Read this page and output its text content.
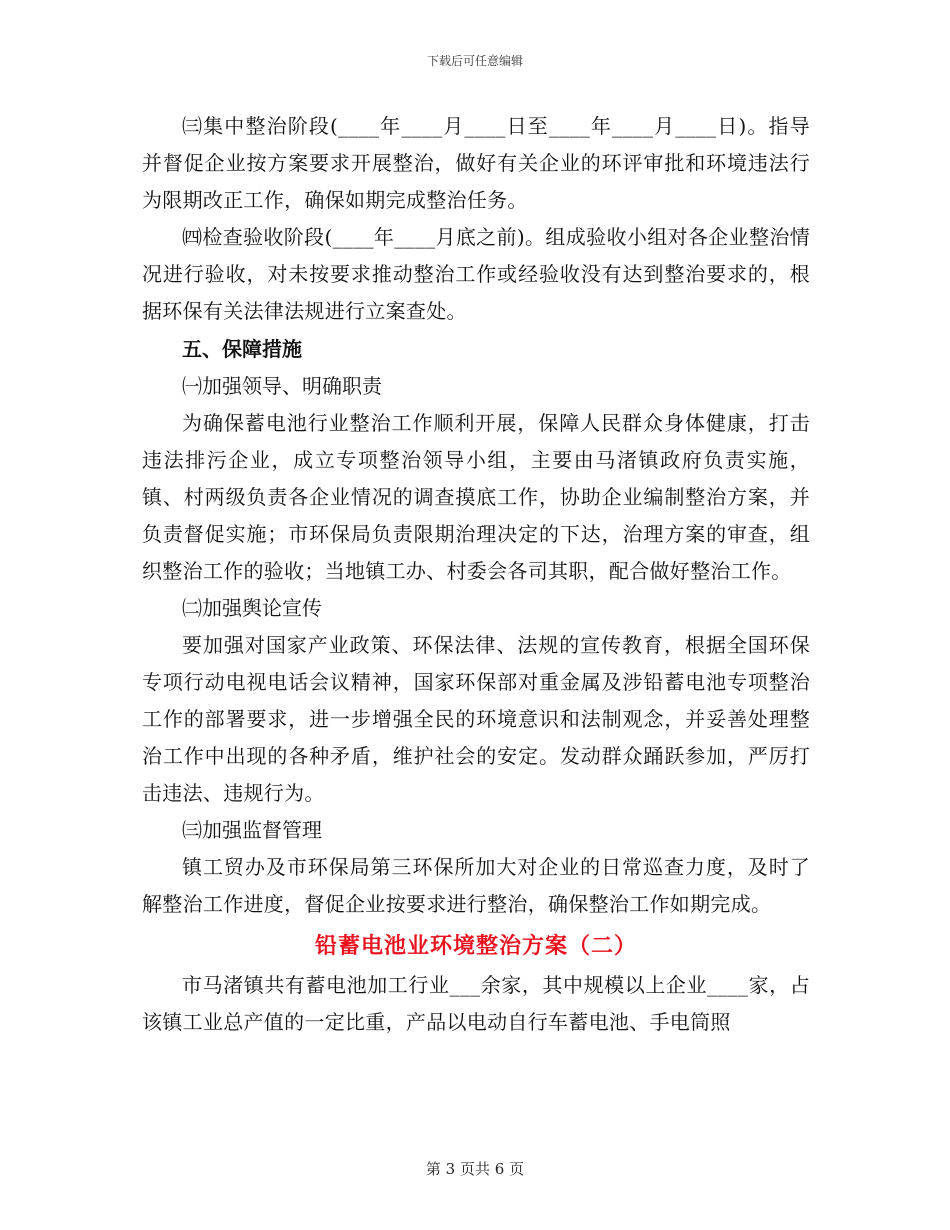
下载后可任意编辑

㈢集中整治阶段(____年____月____日至____年____月____日)。指导并督促企业按方案要求开展整治，做好有关企业的环评审批和环境违法行为限期改正工作，确保如期完成整治任务。

㈣检查验收阶段(____年____月底之前)。组成验收小组对各企业整治情况进行验收，对未按要求推动整治工作或经验收没有达到整治要求的，根据环保有关法律法规进行立案查处。

五、保障措施

㈠加强领导、明确职责

为确保蓄电池行业整治工作顺利开展，保障人民群众身体健康，打击违法排污企业，成立专项整治领导小组，主要由马渚镇政府负责实施，镇、村两级负责各企业情况的调查摸底工作，协助企业编制整治方案，并负责督促实施；市环保局负责限期治理决定的下达，治理方案的审查，组织整治工作的验收；当地镇工办、村委会各司其职，配合做好整治工作。

㈡加强舆论宣传

要加强对国家产业政策、环保法律、法规的宣传教育，根据全国环保专项行动电视电话会议精神，国家环保部对重金属及涉铅蓄电池专项整治工作的部署要求，进一步增强全民的环境意识和法制观念，并妥善处理整治工作中出现的各种矛盾，维护社会的安定。发动群众踊跃参加，严厉打击违法、违规行为。

㈢加强监督管理

镇工贸办及市环保局第三环保所加大对企业的日常巡查力度，及时了解整治工作进度，督促企业按要求进行整治，确保整治工作如期完成。

铅蓄电池业环境整治方案（二）

市马渚镇共有蓄电池加工行业___余家，其中规模以上企业____家，占该镇工业总产值的一定比重，产品以电动自行车蓄电池、手电筒照

第 3 页共 6 页
